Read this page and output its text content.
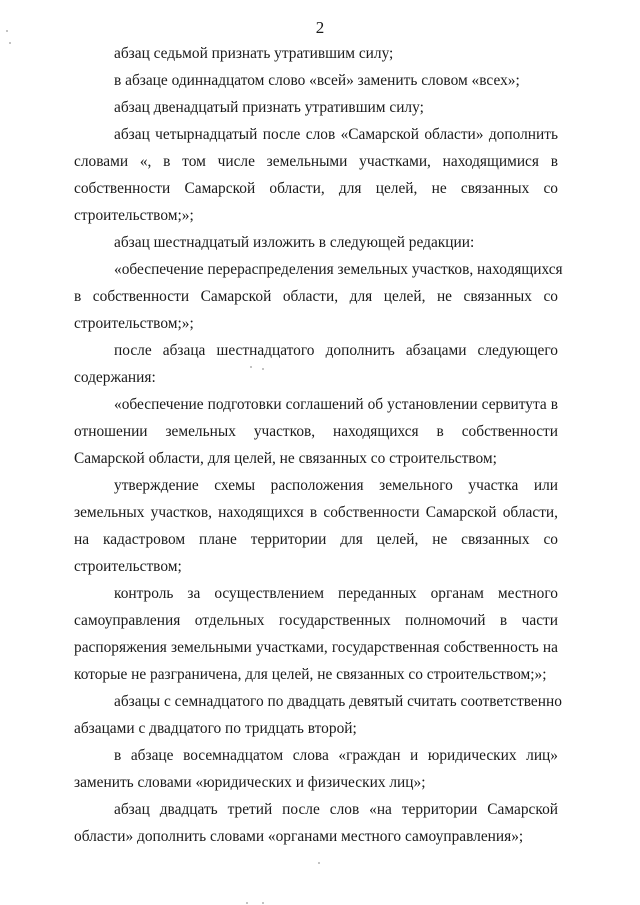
2
абзац седьмой признать утратившим силу;
в абзаце одиннадцатом слово «всей» заменить словом «всех»;
абзац двенадцатый признать утратившим силу;
абзац четырнадцатый после слов «Самарской области» дополнить
словами «, в том числе земельными участками, находящимися в
собственности Самарской области, для целей, не связанных со
строительством;»;
абзац шестнадцатый изложить в следующей редакции:
«обеспечение перераспределения земельных участков, находящихся
в собственности Самарской области, для целей, не связанных со
строительством;»;
после абзаца шестнадцатого дополнить абзацами следующего
содержания:
«обеспечение подготовки соглашений об установлении сервитута в
отношении земельных участков, находящихся в собственности
Самарской области, для целей, не связанных со строительством;
утверждение схемы расположения земельного участка или
земельных участков, находящихся в собственности Самарской области,
на кадастровом плане территории для целей, не связанных со
строительством;
контроль за осуществлением переданных органам местного
самоуправления отдельных государственных полномочий в части
распоряжения земельными участками, государственная собственность на
которые не разграничена, для целей, не связанных со строительством;»;
абзацы с семнадцатого по двадцать девятый считать соответственно
абзацами с двадцатого по тридцать второй;
в абзаце восемнадцатом слова «граждан и юридических лиц»
заменить словами «юридических и физических лиц»;
абзац двадцать третий после слов «на территории Самарской
области» дополнить словами «органами местного самоуправления»;
